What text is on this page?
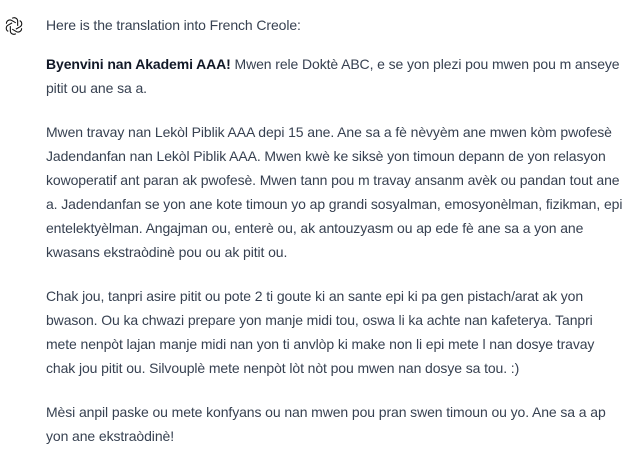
Here is the translation into French Creole:

Byenvini nan Akademi AAA! Mwen rele Doktè ABC, e se yon plezi pou mwen pou m anseye pitit ou ane sa a.

Mwen travay nan Lekòl Piblik AAA depi 15 ane. Ane sa a fè nèvyèm ane mwen kòm pwofesè Jadendanfan nan Lekòl Piblik AAA. Mwen kwè ke siksè yon timoun depann de yon relasyon kowoperatif ant paran ak pwofesè. Mwen tann pou m travay ansanm avèk ou pandan tout ane a. Jadendanfan se yon ane kote timoun yo ap grandi sosyalman, emosyonèlman, fizikman, epi entelektyèlman. Angajman ou, enterè ou, ak antouzyasm ou ap ede fè ane sa a yon ane kwasans ekstraòdinè pou ou ak pitit ou.

Chak jou, tanpri asire pitit ou pote 2 ti goute ki an sante epi ki pa gen pistach/arat ak yon bwason. Ou ka chwazi prepare yon manje midi tou, oswa li ka achte nan kafeterya. Tanpri mete nenpòt lajan manje midi nan yon ti anvlòp ki make non li epi mete l nan dosye travay chak jou pitit ou. Silvouplè mete nenpòt lòt nòt pou mwen nan dosye sa tou. :)

Mèsi anpil paske ou mete konfyans ou nan mwen pou pran swen timoun ou yo. Ane sa a ap yon ane ekstraòdinè!
